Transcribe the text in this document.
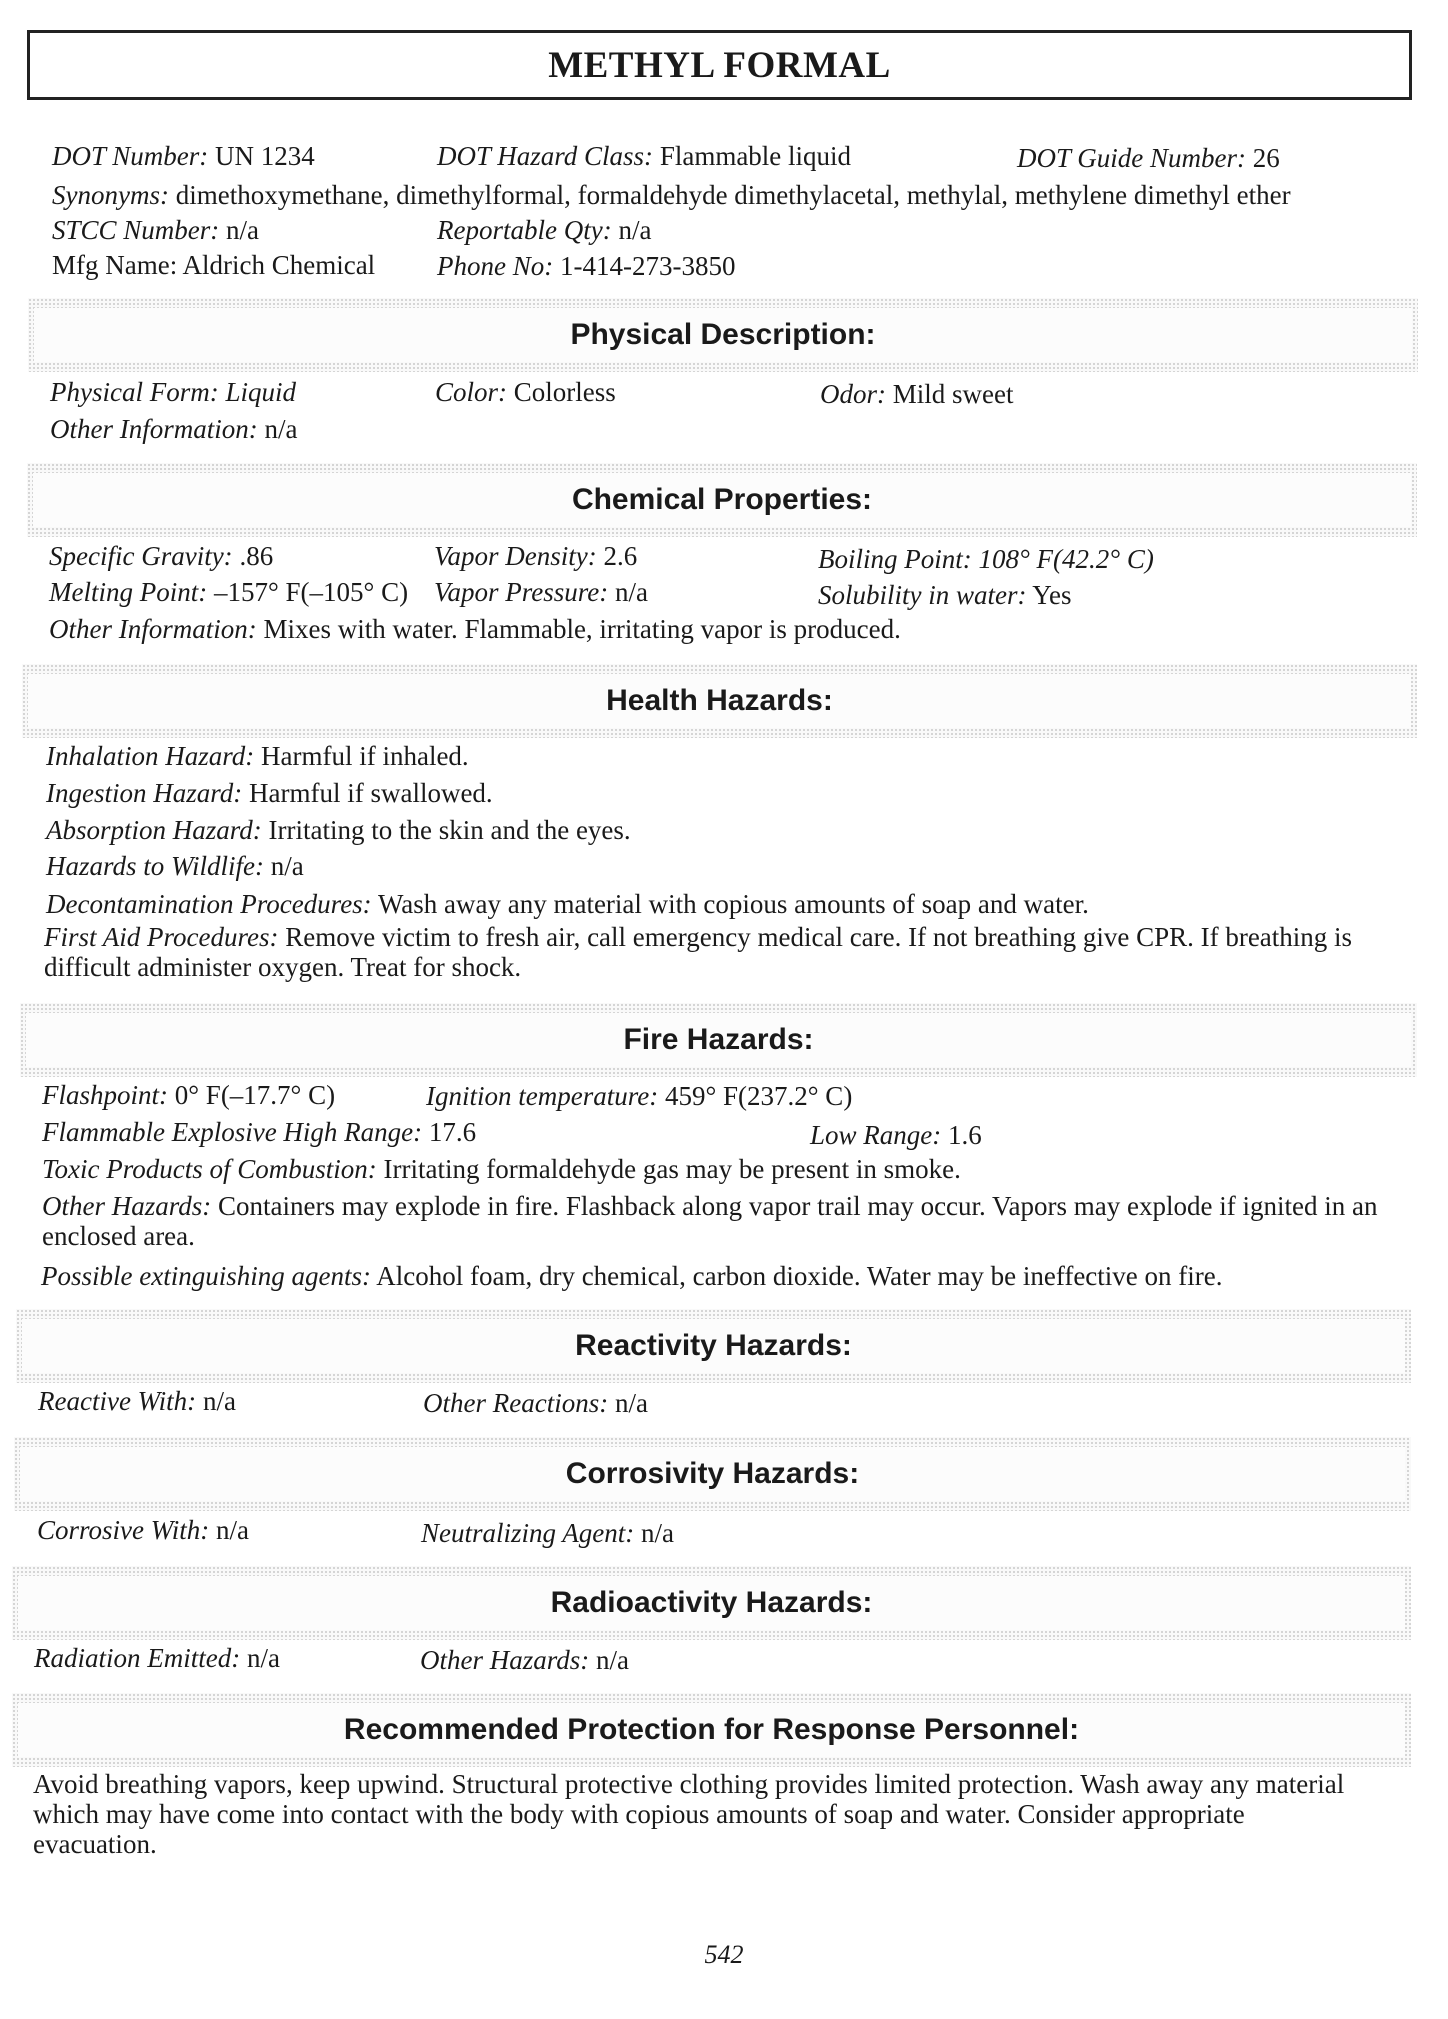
METHYL FORMAL
DOT Number: UN 1234	DOT Hazard Class: Flammable liquid	DOT Guide Number: 26
Synonyms: dimethoxymethane, dimethylformal, formaldehyde dimethylacetal, methylal, methylene dimethyl ether
STCC Number: n/a	Reportable Qty: n/a
Mfg Name: Aldrich Chemical Phone No: 1-414-273-3850
Physical Description:
Physical Form: Liquid	Color: Colorless	Odor: Mild sweet
Other Information: n/a
Chemical Properties:
Specific Gravity: .86	Vapor Density: 2.6	Boiling Point: 108° F(42.2° C)
Melting Point: –157° F(–105° C) Vapor Pressure: n/a	Solubility in water: Yes
Other Information: Mixes with water. Flammable, irritating vapor is produced.
Health Hazards:
Inhalation Hazard: Harmful if inhaled.
Ingestion Hazard: Harmful if swallowed.
Absorption Hazard: Irritating to the skin and the eyes.
Hazards to Wildlife: n/a
Decontamination Procedures: Wash away any material with copious amounts of soap and water.
First Aid Procedures: Remove victim to fresh air, call emergency medical care. If not breathing give CPR. If breathing is difficult administer oxygen. Treat for shock.
Fire Hazards:
Flashpoint: 0° F(–17.7° C)	Ignition temperature: 459° F(237.2° C)
Flammable Explosive High Range: 17.6	Low Range: 1.6
Toxic Products of Combustion: Irritating formaldehyde gas may be present in smoke.
Other Hazards: Containers may explode in fire. Flashback along vapor trail may occur. Vapors may explode if ignited in an enclosed area.
Possible extinguishing agents: Alcohol foam, dry chemical, carbon dioxide. Water may be ineffective on fire.
Reactivity Hazards:
Reactive With: n/a	Other Reactions: n/a
Corrosivity Hazards:
Corrosive With: n/a	Neutralizing Agent: n/a
Radioactivity Hazards:
Radiation Emitted: n/a	Other Hazards: n/a
Recommended Protection for Response Personnel:
Avoid breathing vapors, keep upwind. Structural protective clothing provides limited protection. Wash away any material which may have come into contact with the body with copious amounts of soap and water. Consider appropriate evacuation.
542
